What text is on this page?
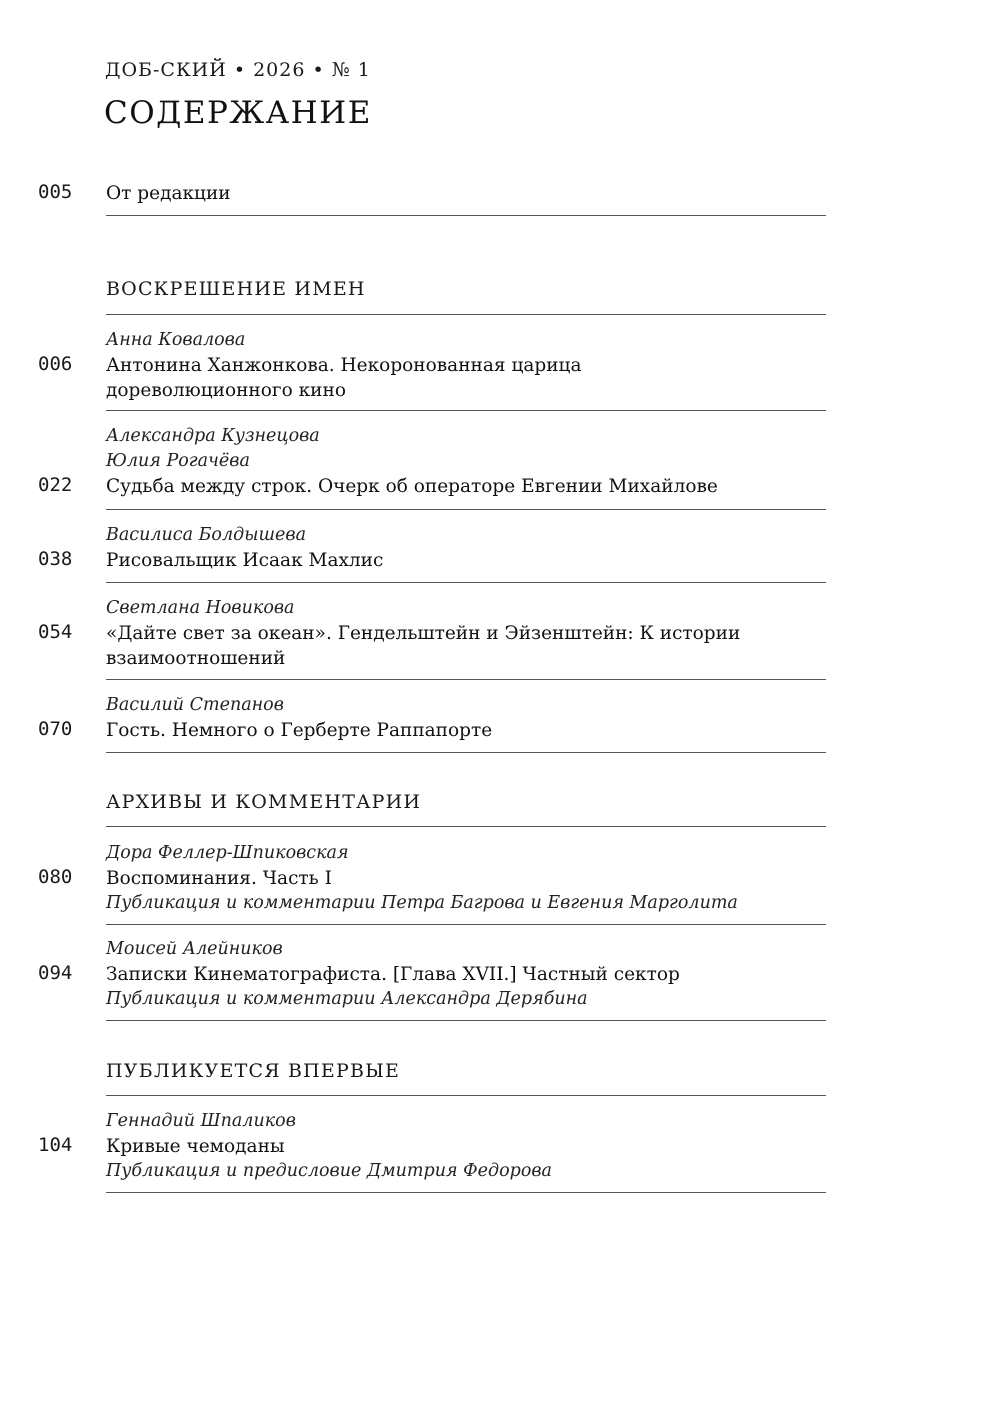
ДОБ-СКИЙ • 2026 • № 1
СОДЕРЖАНИЕ
005 От редакции
ВОСКРЕШЕНИЕ ИМЕН
Анна Ковалова
Антонина Ханжонкова. Некоронованная царица
дореволюционного кино
006
Александра Кузнецова
Юлия Рогачёва
Судьба между строк. Очерк об операторе Евгении Михайлове
022
Василиса Болдышева
Рисовальщик Исаак Махлис
038
Светлана Новикова
«Дайте свет за океан». Гендельштейн и Эйзенштейн: К истории
взаимоотношений
054
Василий Степанов
Гость. Немного о Герберте Раппапорте
070
АРХИВЫ И КОММЕНТАРИИ
Дора Феллер-Шпиковская
Воспоминания. Часть I
Публикация и комментарии Петра Багрова и Евгения Марголита
080
Моисей Алейников
Записки Кинематографиста. [Глава XVII.] Частный сектор
Публикация и комментарии Александра Дерябина
094
ПУБЛИКУЕТСЯ ВПЕРВЫЕ
Геннадий Шпаликов
Кривые чемоданы
Публикация и предисловие Дмитрия Федорова
104
